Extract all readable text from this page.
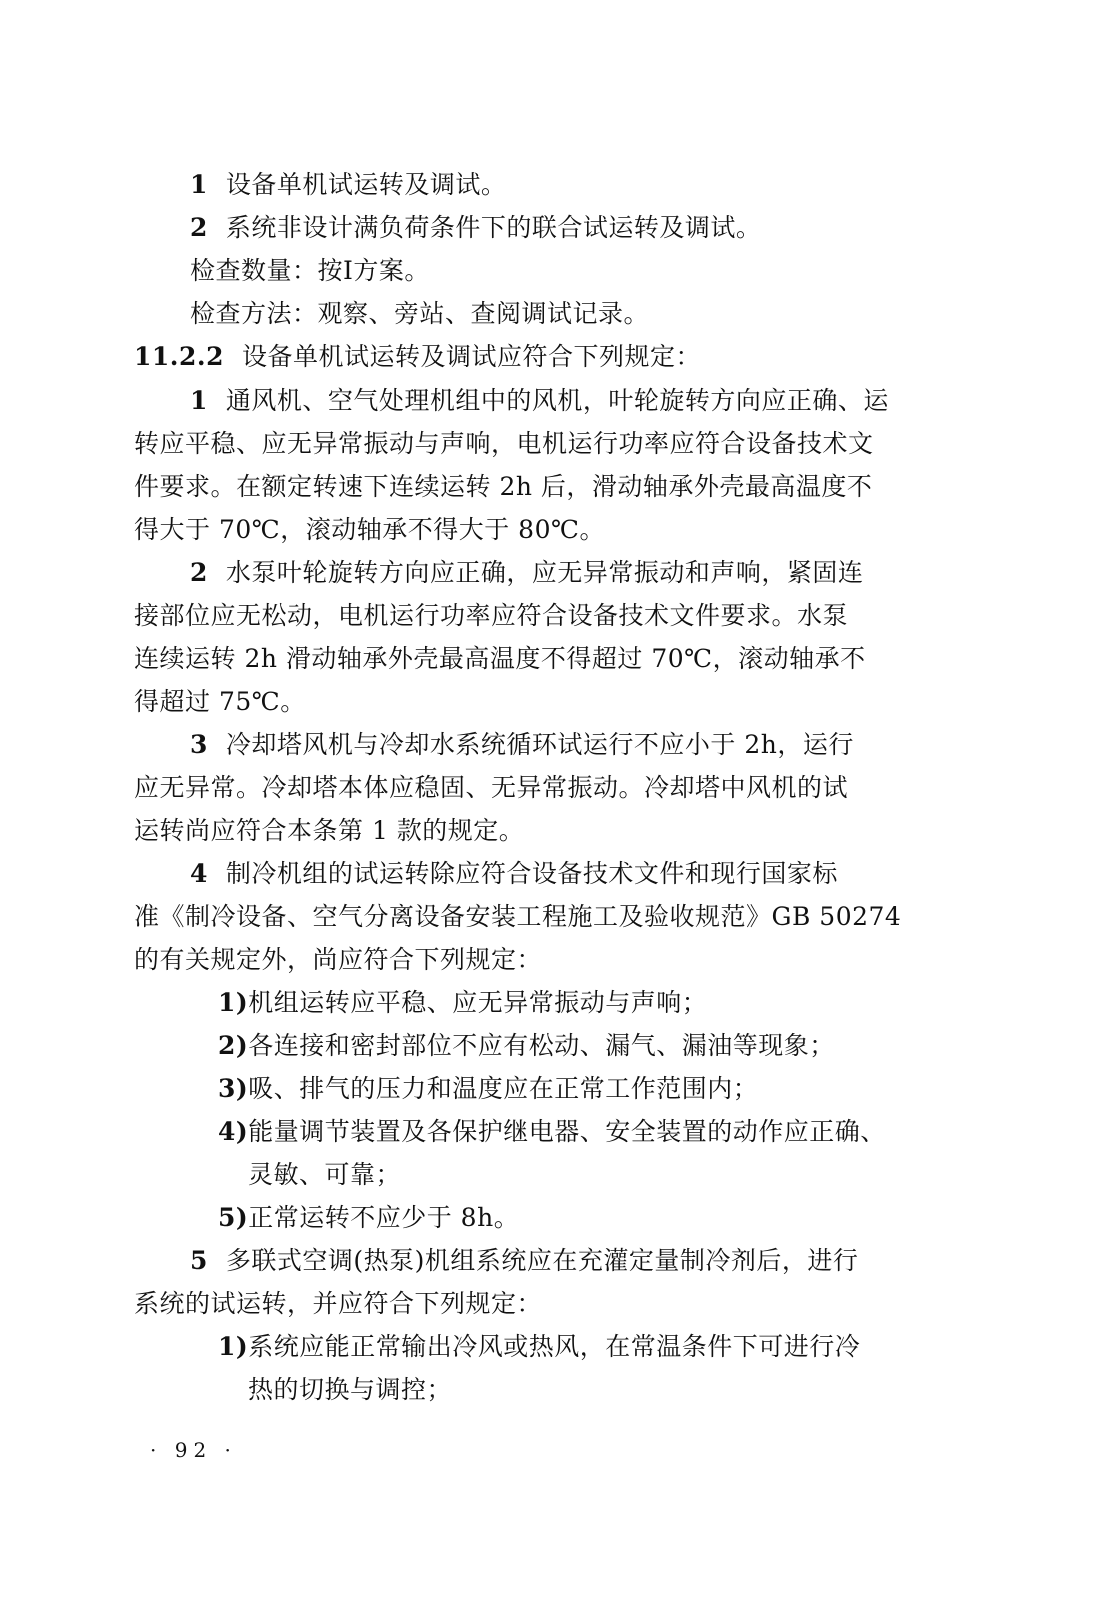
1 设备单机试运转及调试。
2 系统非设计满负荷条件下的联合试运转及调试。
检查数量：按Ⅰ方案。
检查方法：观察、旁站、查阅调试记录。
11.2.2 设备单机试运转及调试应符合下列规定：
1 通风机、空气处理机组中的风机，叶轮旋转方向应正确、运
转应平稳、应无异常振动与声响，电机运行功率应符合设备技术文
件要求。在额定转速下连续运转 2h 后，滑动轴承外壳最高温度不
得大于 70℃，滚动轴承不得大于 80℃。
2 水泵叶轮旋转方向应正确，应无异常振动和声响，紧固连
接部位应无松动，电机运行功率应符合设备技术文件要求。水泵
连续运转 2h 滑动轴承外壳最高温度不得超过 70℃，滚动轴承不
得超过 75℃。
3 冷却塔风机与冷却水系统循环试运行不应小于 2h，运行
应无异常。冷却塔本体应稳固、无异常振动。冷却塔中风机的试
运转尚应符合本条第 1 款的规定。
4 制冷机组的试运转除应符合设备技术文件和现行国家标
准《制冷设备、空气分离设备安装工程施工及验收规范》GB 50274
的有关规定外，尚应符合下列规定：
1)机组运转应平稳、应无异常振动与声响；
2)各连接和密封部位不应有松动、漏气、漏油等现象；
3)吸、排气的压力和温度应在正常工作范围内；
4)能量调节装置及各保护继电器、安全装置的动作应正确、
灵敏、可靠；
5)正常运转不应少于 8h。
5 多联式空调(热泵)机组系统应在充灌定量制冷剂后，进行
系统的试运转，并应符合下列规定：
1)系统应能正常输出冷风或热风，在常温条件下可进行冷
热的切换与调控；
· 92 ·
